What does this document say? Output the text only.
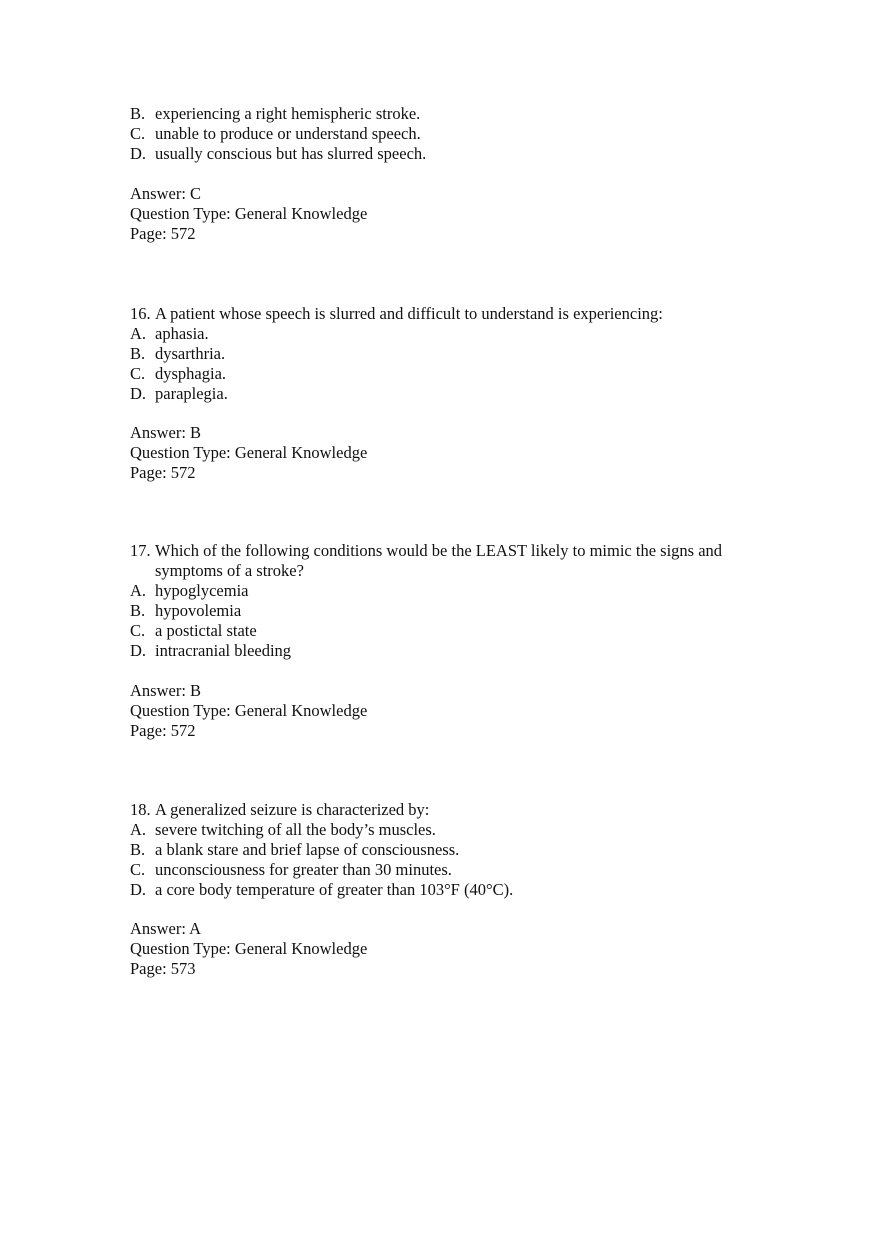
B. experiencing a right hemispheric stroke.
C. unable to produce or understand speech.
D. usually conscious but has slurred speech.
Answer: C
Question Type: General Knowledge
Page: 572
16. A patient whose speech is slurred and difficult to understand is experiencing:
A. aphasia.
B. dysarthria.
C. dysphagia.
D. paraplegia.
Answer: B
Question Type: General Knowledge
Page: 572
17. Which of the following conditions would be the LEAST likely to mimic the signs and
symptoms of a stroke?
A. hypoglycemia
B. hypovolemia
C. a postictal state
D. intracranial bleeding
Answer: B
Question Type: General Knowledge
Page: 572
18. A generalized seizure is characterized by:
A. severe twitching of all the body’s muscles.
B. a blank stare and brief lapse of consciousness.
C. unconsciousness for greater than 30 minutes.
D. a core body temperature of greater than 103°F (40°C).
Answer: A
Question Type: General Knowledge
Page: 573
